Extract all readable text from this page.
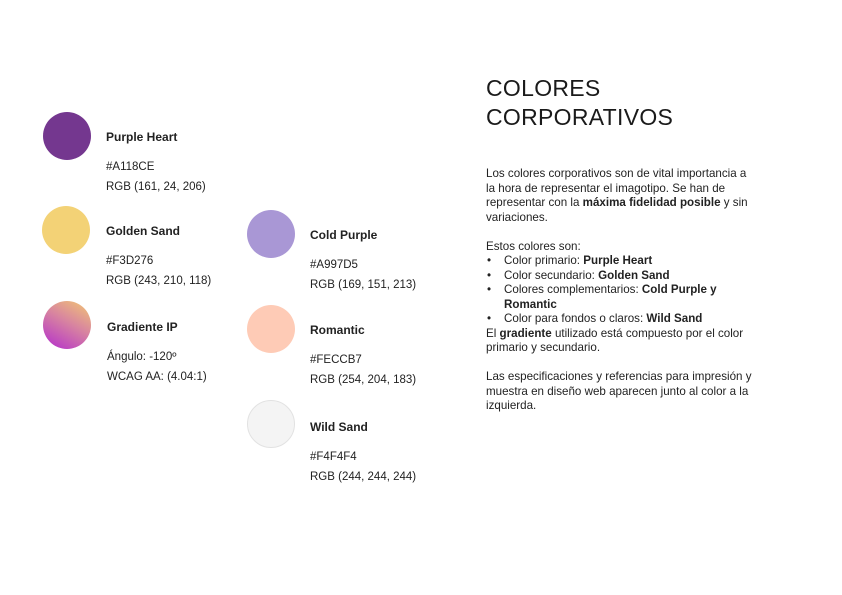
Purple Heart
#A118CE
RGB (161, 24, 206)
Golden Sand
#F3D276
RGB (243, 210, 118)
Gradiente IP
Ángulo: -120º
WCAG AA: (4.04:1)
Cold Purple
#A997D5
RGB (169, 151, 213)
Romantic
#FECCB7
RGB (254, 204, 183)
Wild Sand
#F4F4F4
RGB (244, 244, 244)
COLORES
CORPORATIVOS

Los colores corporativos son de vital importancia a la hora de representar el imagotipo. Se han de representar con la máxima fidelidad posible y sin variaciones.

Estos colores son:

• Color primario: Purple Heart
• Color secundario: Golden Sand
• Colores complementarios: Cold Purple y Romantic
• Color para fondos o claros: Wild Sand

El gradiente utilizado está compuesto por el color primario y secundario.

Las especificaciones y referencias para impresión y muestra en diseño web aparecen junto al color a la izquierda.
